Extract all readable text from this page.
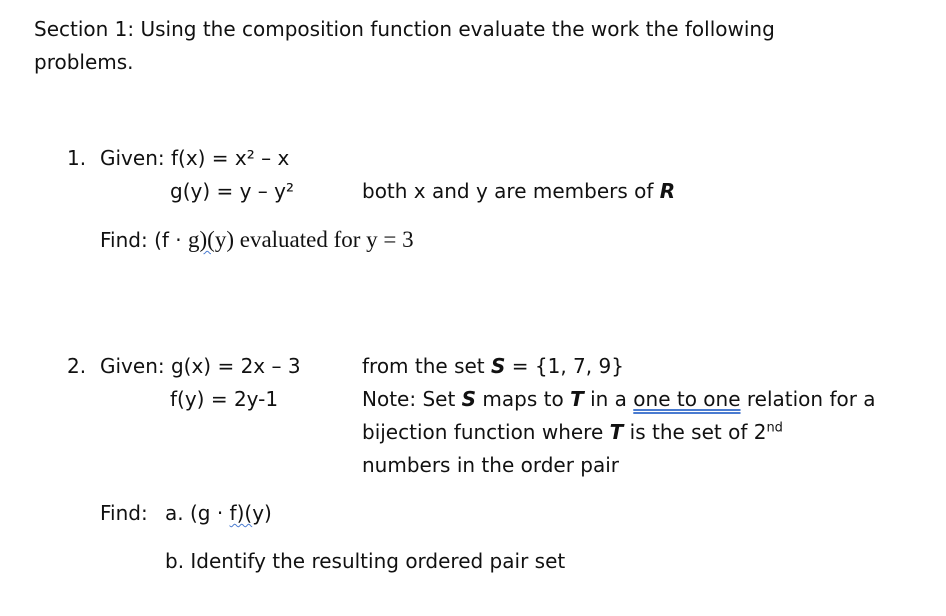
Section 1: Using the composition function evaluate the work the following
problems.
1. Given: f(x) = x² – x
g(y) = y – y²	both x and y are members of R
Find: (f · g)(y) evaluated for y = 3
2. Given: g(x) = 2x – 3
f(y) = 2y-1
from the set S = {1, 7, 9}
Note: Set S maps to T in a one to one relation for a
bijection function where T is the set of 2nd
numbers in the order pair
Find: a. (g · f)(y)
b. Identify the resulting ordered pair set
